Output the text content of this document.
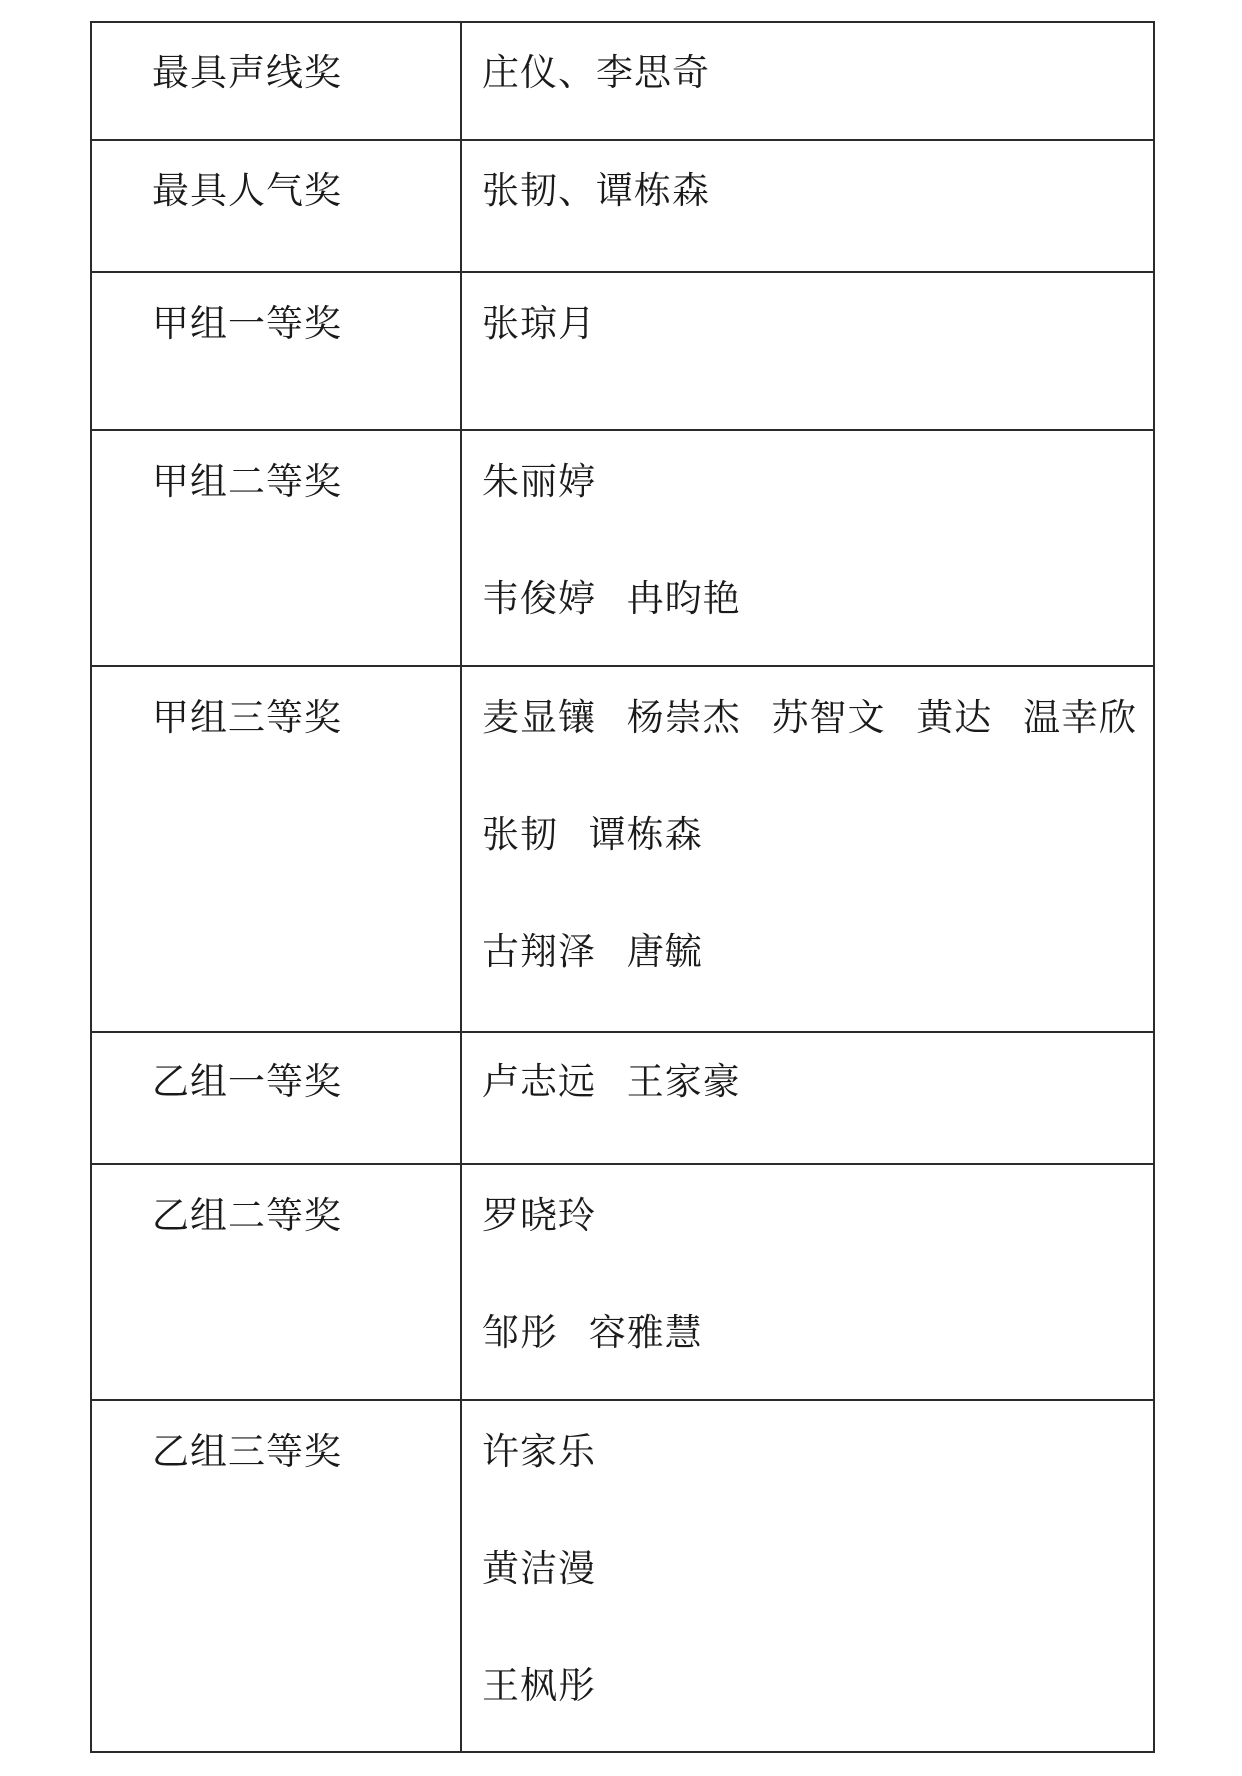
最具声线奖	庄仪、李思奇

最具人气奖	张韧、谭栋森

甲组一等奖	张琼月

甲组二等奖	朱丽婷
韦俊婷 冉昀艳

甲组三等奖	麦显镶 杨崇杰 苏智文 黄达 温幸欣
张韧 谭栋森
古翔泽 唐毓

乙组一等奖	卢志远 王家豪

乙组二等奖	罗晓玲
邹彤 容雅慧

乙组三等奖	许家乐
黄洁漫
王枫彤
